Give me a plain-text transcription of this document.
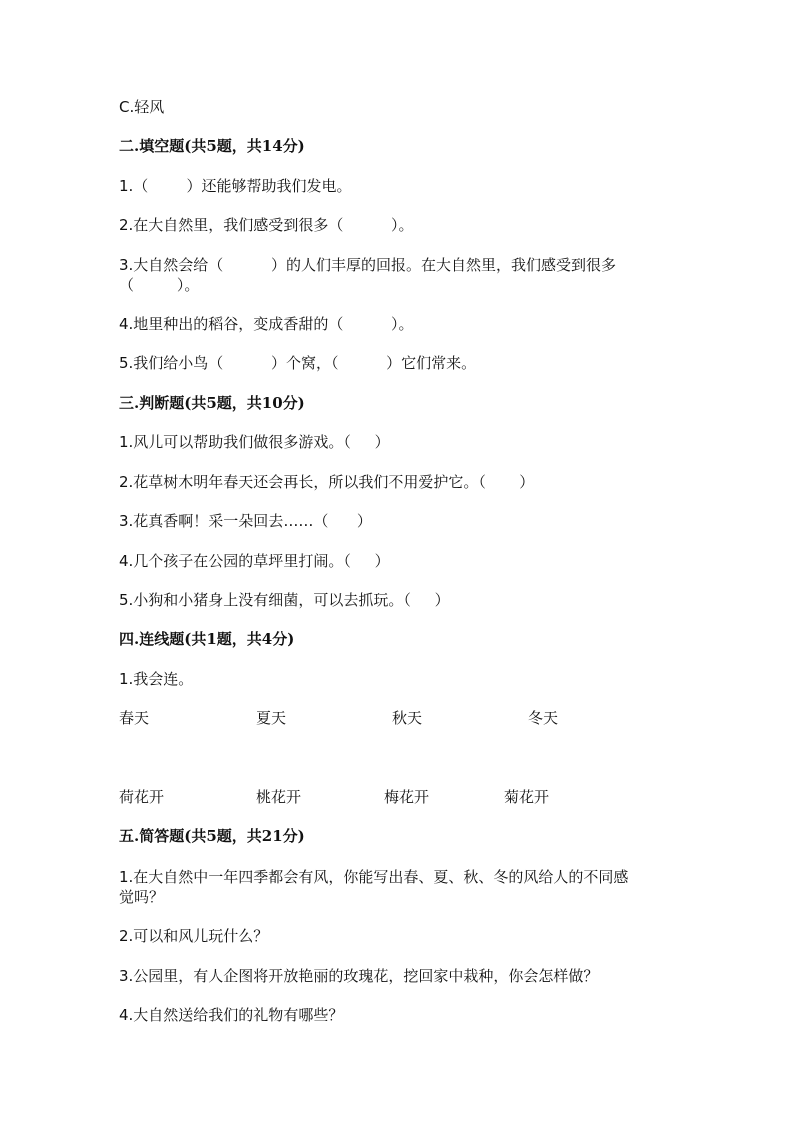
C.轻风
二.填空题(共5题，共14分)
1.（        ）还能够帮助我们发电。
2.在大自然里，我们感受到很多（          ）。
3.大自然会给（          ）的人们丰厚的回报。在大自然里，我们感受到很多
（         ）。
4.地里种出的稻谷，变成香甜的（          ）。
5.我们给小鸟（          ）个窝，（          ）它们常来。
三.判断题(共5题，共10分)
1.风儿可以帮助我们做很多游戏。（     ）
2.花草树木明年春天还会再长，所以我们不用爱护它。（       ）
3.花真香啊！采一朵回去……（      ）
4.几个孩子在公园的草坪里打闹。（     ）
5.小狗和小猪身上没有细菌，可以去抓玩。（     ）
四.连线题(共1题，共4分)
1.我会连。
春天	夏天	秋天	冬天
荷花开	桃花开	梅花开	菊花开
五.简答题(共5题，共21分)
1.在大自然中一年四季都会有风，你能写出春、夏、秋、冬的风给人的不同感
觉吗？
2.可以和风儿玩什么？
3.公园里，有人企图将开放艳丽的玫瑰花，挖回家中栽种，你会怎样做？
4.大自然送给我们的礼物有哪些？
